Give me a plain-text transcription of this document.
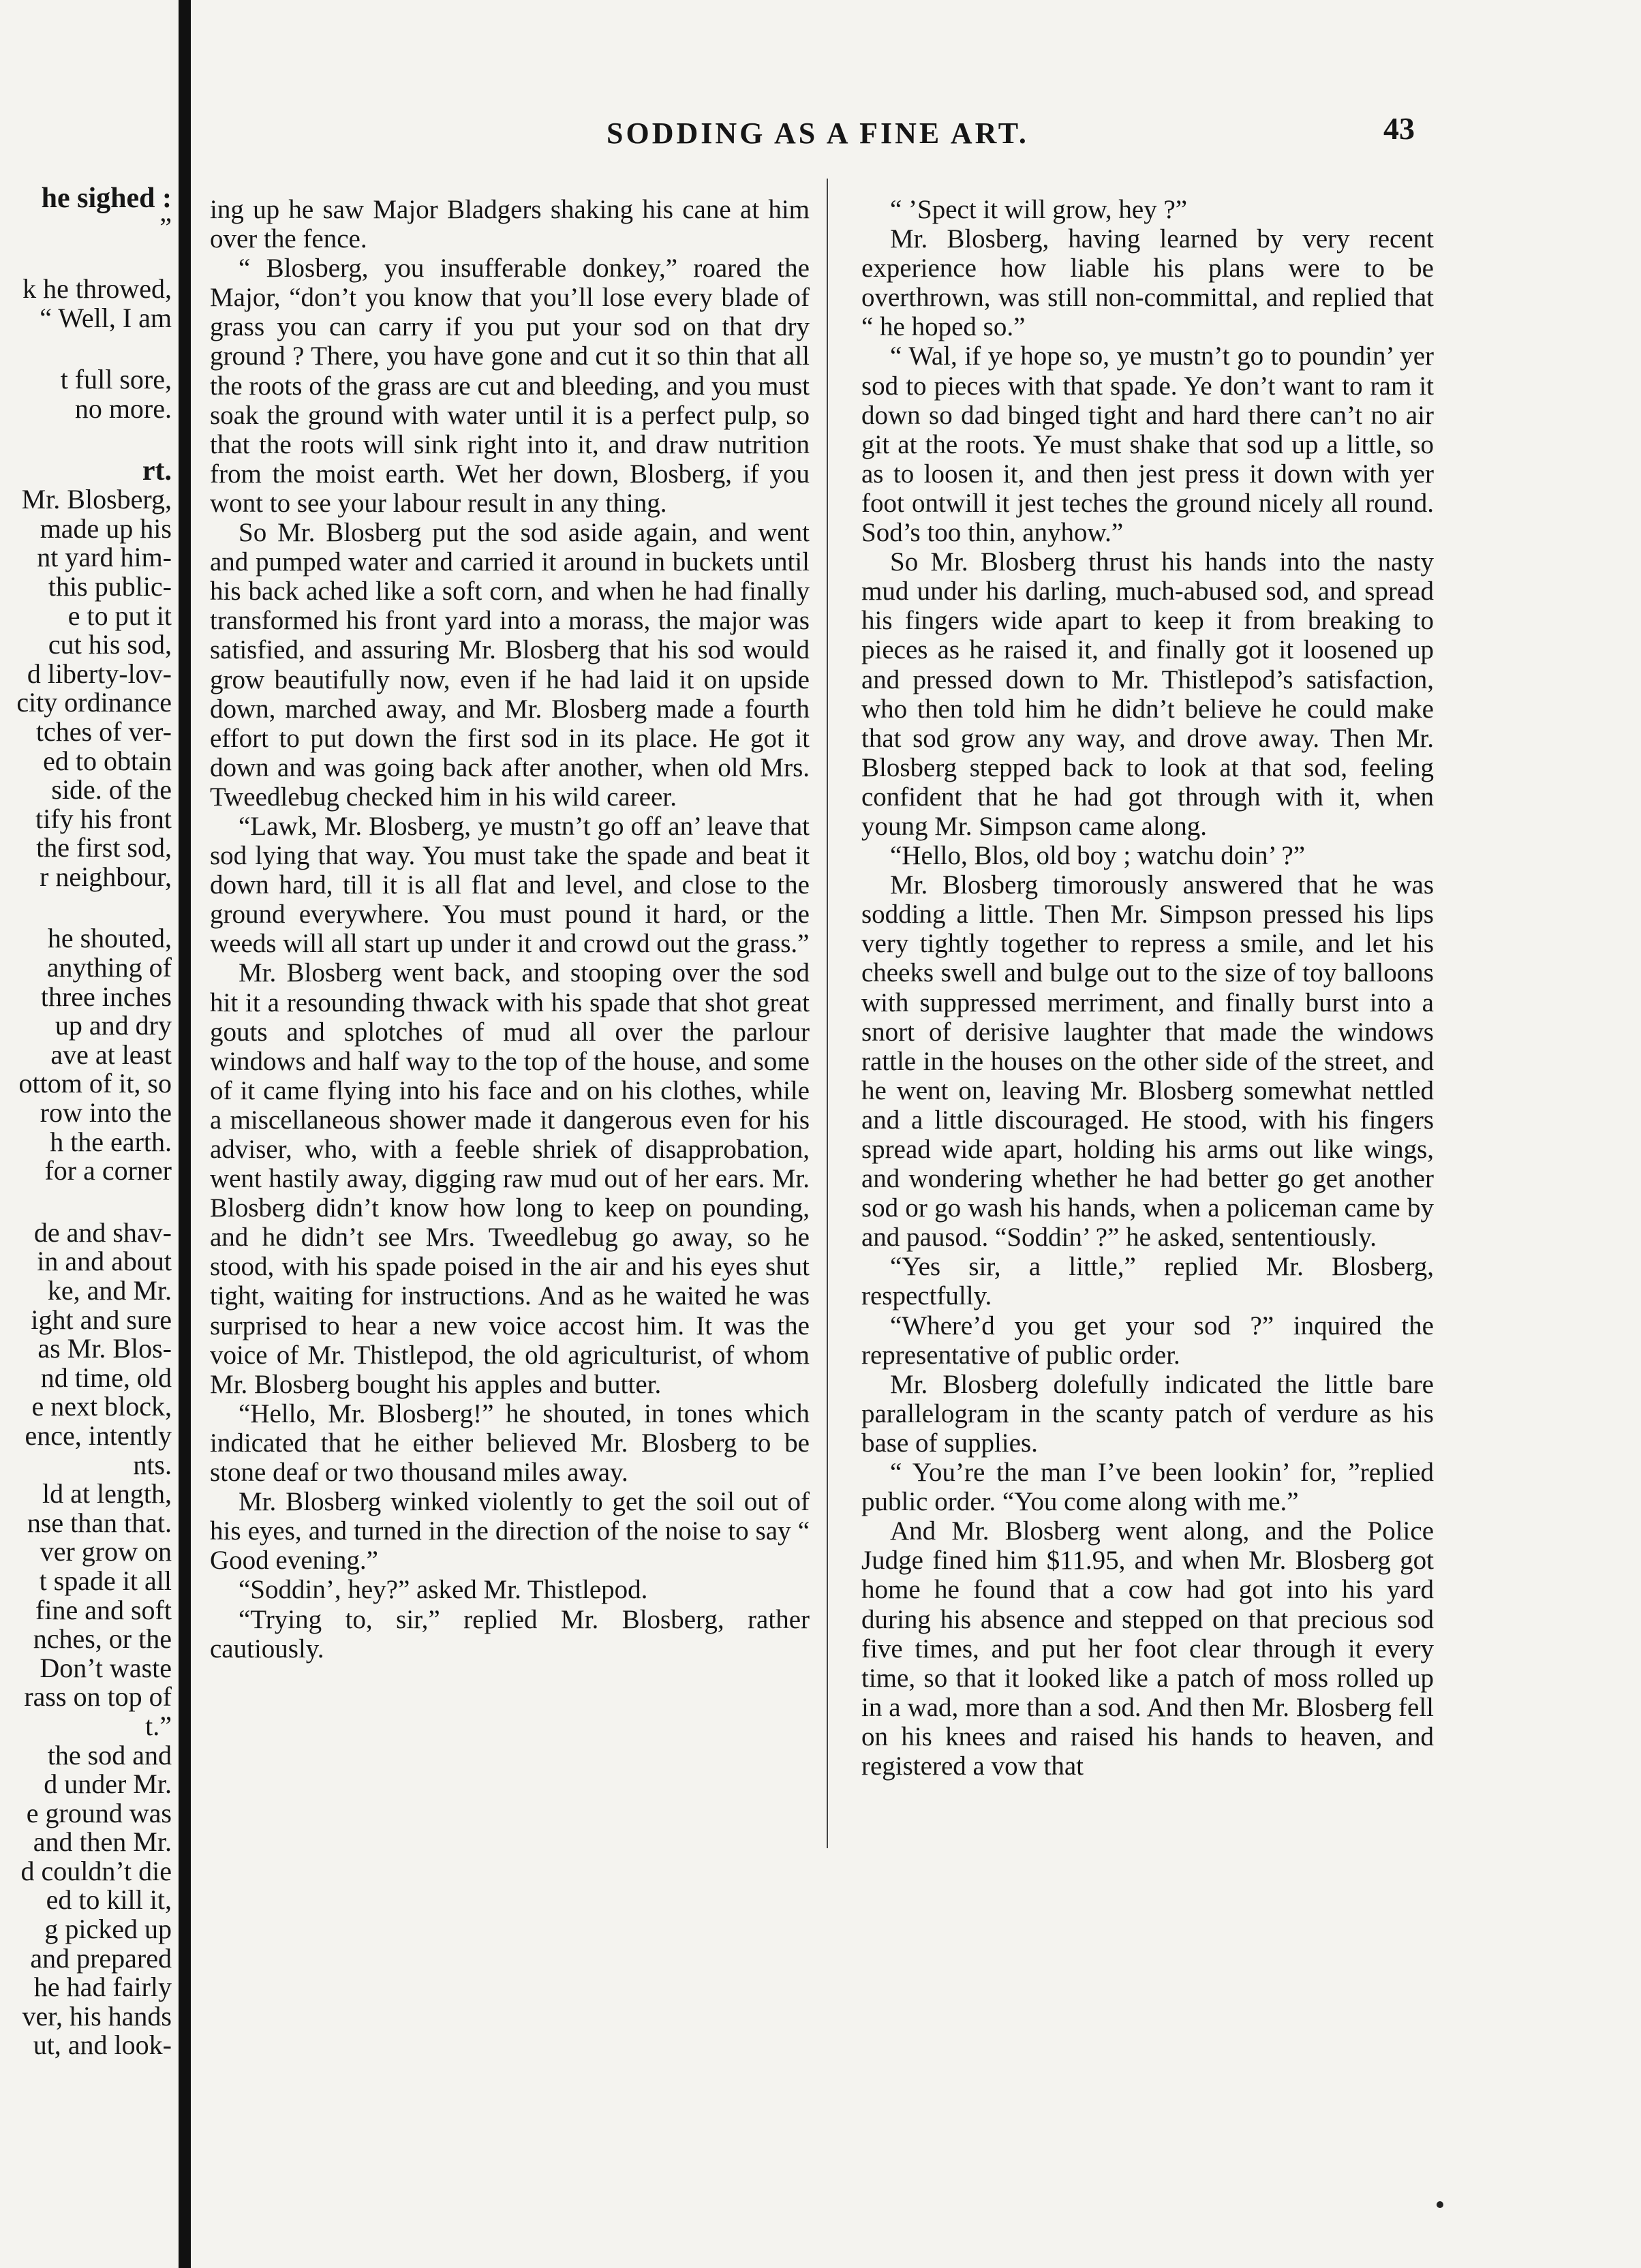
he sighed :
”

k he throwed,
“ Well, I am

t full sore,
no more.

rt.
Mr. Blosberg,
made up his
nt yard him-
this public-
e to put it
cut his sod,
d liberty-lov-
city ordinance
tches of ver-
ed to obtain
side. of the
tify his front
the first sod,
r neighbour,

he shouted,
anything of
three inches
up and dry
ave at least
ottom of it, so
row into the
h the earth.
for a corner

de and shav-
in and about
ke, and Mr.
ight and sure
as Mr. Blos-
nd time, old
e next block,
ence, intently
nts.
ld at length,
nse than that.
ver grow on
t spade it all
fine and soft
nches, or the
Don’t waste
rass on top of
t.”
the sod and
d under Mr.
e ground was
and then Mr.
d couldn’t die
ed to kill it,
g picked up
and prepared
he had fairly
ver, his hands
ut, and look-
SODDING AS A FINE ART.	43

ing up he saw Major Bladgers shaking his cane at him over the fence.

“ Blosberg, you insufferable donkey,” roared the Major, “don’t you know that you’ll lose every blade of grass you can carry if you put your sod on that dry ground ? There, you have gone and cut it so thin that all the roots of the grass are cut and bleeding, and you must soak the ground with water until it is a perfect pulp, so that the roots will sink right into it, and draw nutrition from the moist earth. Wet her down, Blosberg, if you wont to see your labour result in any thing.

So Mr. Blosberg put the sod aside again, and went and pumped water and carried it around in buckets until his back ached like a soft corn, and when he had finally transformed his front yard into a morass, the major was satisfied, and assuring Mr. Blosberg that his sod would grow beautifully now, even if he had laid it on upside down, marched away, and Mr. Blosberg made a fourth effort to put down the first sod in its place. He got it down and was going back after another, when old Mrs. Tweedlebug checked him in his wild career.

“Lawk, Mr. Blosberg, ye mustn’t go off an’ leave that sod lying that way. You must take the spade and beat it down hard, till it is all flat and level, and close to the ground everywhere. You must pound it hard, or the weeds will all start up under it and crowd out the grass.”

Mr. Blosberg went back, and stooping over the sod hit it a resounding thwack with his spade that shot great gouts and splotches of mud all over the parlour windows and half way to the top of the house, and some of it came flying into his face and on his clothes, while a miscellaneous shower made it dangerous even for his adviser, who, with a feeble shriek of disapprobation, went hastily away, digging raw mud out of her ears. Mr. Blosberg didn’t know how long to keep on pounding, and he didn’t see Mrs. Tweedlebug go away, so he stood, with his spade poised in the air and his eyes shut tight, waiting for instructions. And as he waited he was surprised to hear a new voice accost him. It was the voice of Mr. Thistlepod, the old agriculturist, of whom Mr. Blosberg bought his apples and butter.

“Hello, Mr. Blosberg!” he shouted, in tones which indicated that he either believed Mr. Blosberg to be stone deaf or two thousand miles away.

Mr. Blosberg winked violently to get the soil out of his eyes, and turned in the direction of the noise to say “ Good evening.”

“Soddin’, hey?” asked Mr. Thistlepod.

“Trying to, sir,” replied Mr. Blosberg, rather cautiously.

“ ’Spect it will grow, hey ?”

Mr. Blosberg, having learned by very recent experience how liable his plans were to be overthrown, was still non-committal, and replied that “ he hoped so.”

“ Wal, if ye hope so, ye mustn’t go to poundin’ yer sod to pieces with that spade. Ye don’t want to ram it down so dad binged tight and hard there can’t no air git at the roots. Ye must shake that sod up a little, so as to loosen it, and then jest press it down with yer foot ontwill it jest teches the ground nicely all round. Sod’s too thin, anyhow.”

So Mr. Blosberg thrust his hands into the nasty mud under his darling, much-abused sod, and spread his fingers wide apart to keep it from breaking to pieces as he raised it, and finally got it loosened up and pressed down to Mr. Thistlepod’s satisfaction, who then told him he didn’t believe he could make that sod grow any way, and drove away. Then Mr. Blosberg stepped back to look at that sod, feeling confident that he had got through with it, when young Mr. Simpson came along.

“Hello, Blos, old boy ; watchu doin’ ?”

Mr. Blosberg timorously answered that he was sodding a little. Then Mr. Simpson pressed his lips very tightly together to repress a smile, and let his cheeks swell and bulge out to the size of toy balloons with suppressed merriment, and finally burst into a snort of derisive laughter that made the windows rattle in the houses on the other side of the street, and he went on, leaving Mr. Blosberg somewhat nettled and a little discouraged. He stood, with his fingers spread wide apart, holding his arms out like wings, and wondering whether he had better go get another sod or go wash his hands, when a policeman came by and pausod. “Soddin’ ?” he asked, sententiously.

“Yes sir, a little,” replied Mr. Blosberg, respectfully.

“Where’d you get your sod ?” inquired the representative of public order.

Mr. Blosberg dolefully indicated the little bare parallelogram in the scanty patch of verdure as his base of supplies.

“ You’re the man I’ve been lookin’ for, ”replied public order. “You come along with me.”

And Mr. Blosberg went along, and the Police Judge fined him $11.95, and when Mr. Blosberg got home he found that a cow had got into his yard during his absence and stepped on that precious sod five times, and put her foot clear through it every time, so that it looked like a patch of moss rolled up in a wad, more than a sod. And then Mr. Blosberg fell on his knees and raised his hands to heaven, and registered a vow that
